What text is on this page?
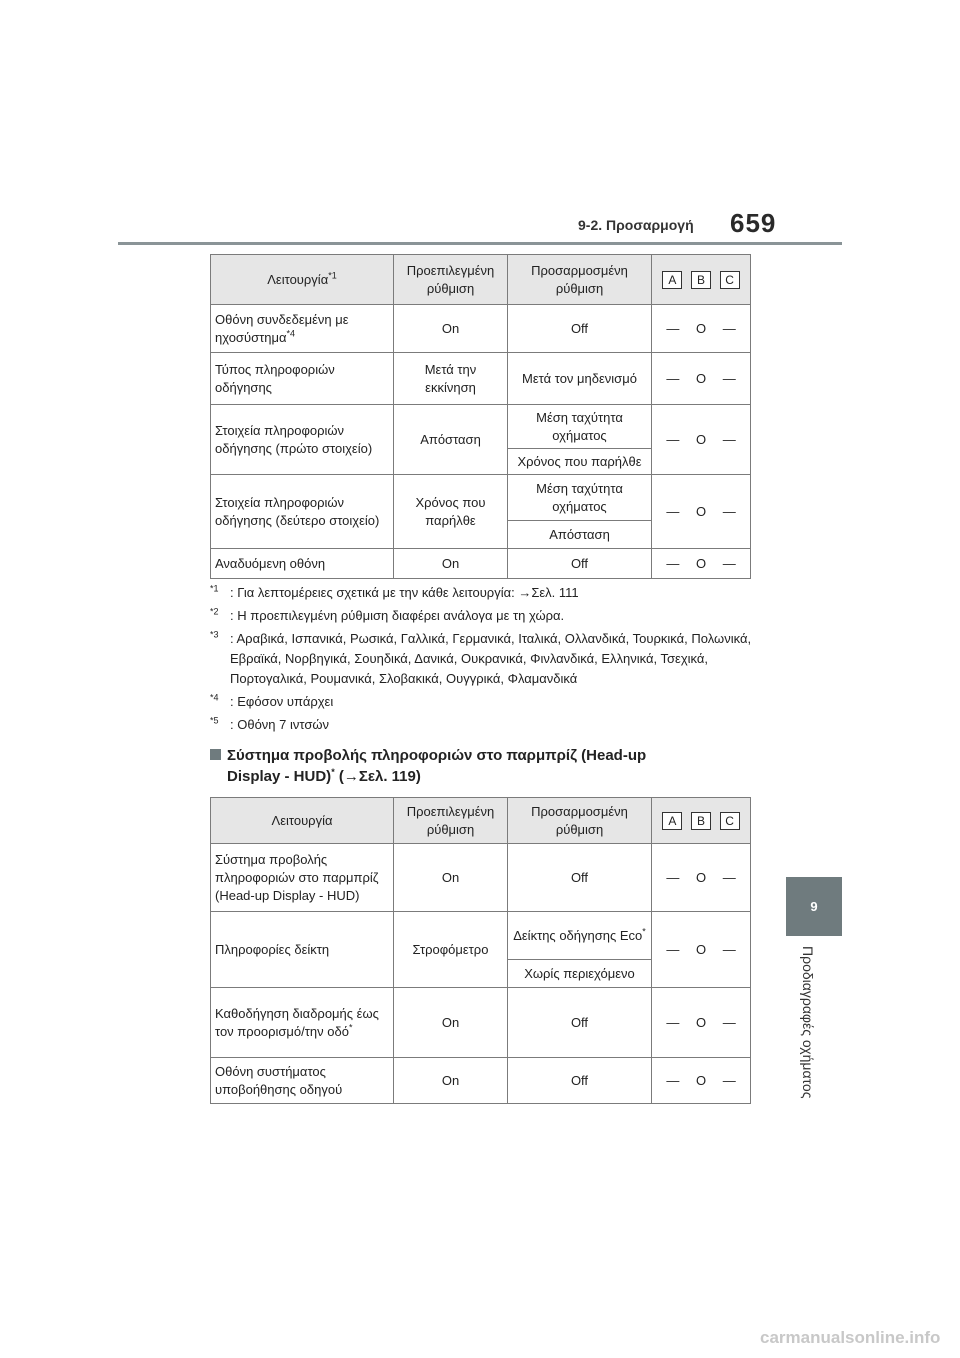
9-2. Προσαρμογή 659
9
Προδιαγραφές οχήματος
Λειτουργία$^{*1}$	Προεπιλεγμένη ρύθμιση	Προσαρμοσμένη ρύθμιση	A B C

Οθόνη συνδεδεμένη με ηχοσύστημα$^{*4}$	On	Off	— O —

Τύπος πληροφοριών οδήγησης	Μετά την εκκίνηση	Μετά τον μηδενισμό	— O —

Στοιχεία πληροφοριών οδήγησης (πρώτο στοιχείο)	Απόσταση	Μέση ταχύτητα οχήματος	— O —

		Χρόνος που παρήλθε	
Στοιχεία πληροφοριών οδήγησης (δεύτερο στοιχείο)	Χρόνος που παρήλθε	Μέση ταχύτητα οχήματος	— O —

		Απόσταση	
Αναδυόμενη οθόνη	On	Off	— O —
$^{*1}$ : Για λεπτομέρειες σχετικά με την κάθε λειτουργία: →Σελ. 111
$^{*2}$ : Η προεπιλεγμένη ρύθμιση διαφέρει ανάλογα με τη χώρα.
$^{*3}$ : Αραβικά, Ισπανικά, Ρωσικά, Γαλλικά, Γερμανικά, Ιταλικά, Ολλανδικά, Τουρκικά, Πολωνικά, Εβραϊκά, Νορβηγικά, Σουηδικά, Δανικά, Ουκρανικά, Φινλανδικά, Ελληνικά, Τσεχικά, Πορτογαλικά, Ρουμανικά, Σλοβακικά, Ουγγρικά, Φλαμανδικά
$^{*4}$ : Εφόσον υπάρχει
$^{*5}$ : Οθόνη 7 ιντσών
Σύστημα προβολής πληροφοριών στο παρμπρίζ (Head-up
Display - HUD)* (→Σελ. 119)
Λειτουργία	Προεπιλεγμένη ρύθμιση	Προσαρμοσμένη ρύθμιση	A B C

Σύστημα προβολής πληροφοριών στο παρμπρίζ (Head-up Display - HUD)	On	Off	— O —

Πληροφορίες δείκτη	Στροφόμετρο	Δείκτης οδήγησης Eco*	— O —

		Χωρίς περιεχόμενο	
Καθοδήγηση διαδρομής έως τον προορισμό/την οδό*	On	Off	— O —

Οθόνη συστήματος υποβοήθησης οδηγού	On	Off	— O —
carmanualsonline.info
